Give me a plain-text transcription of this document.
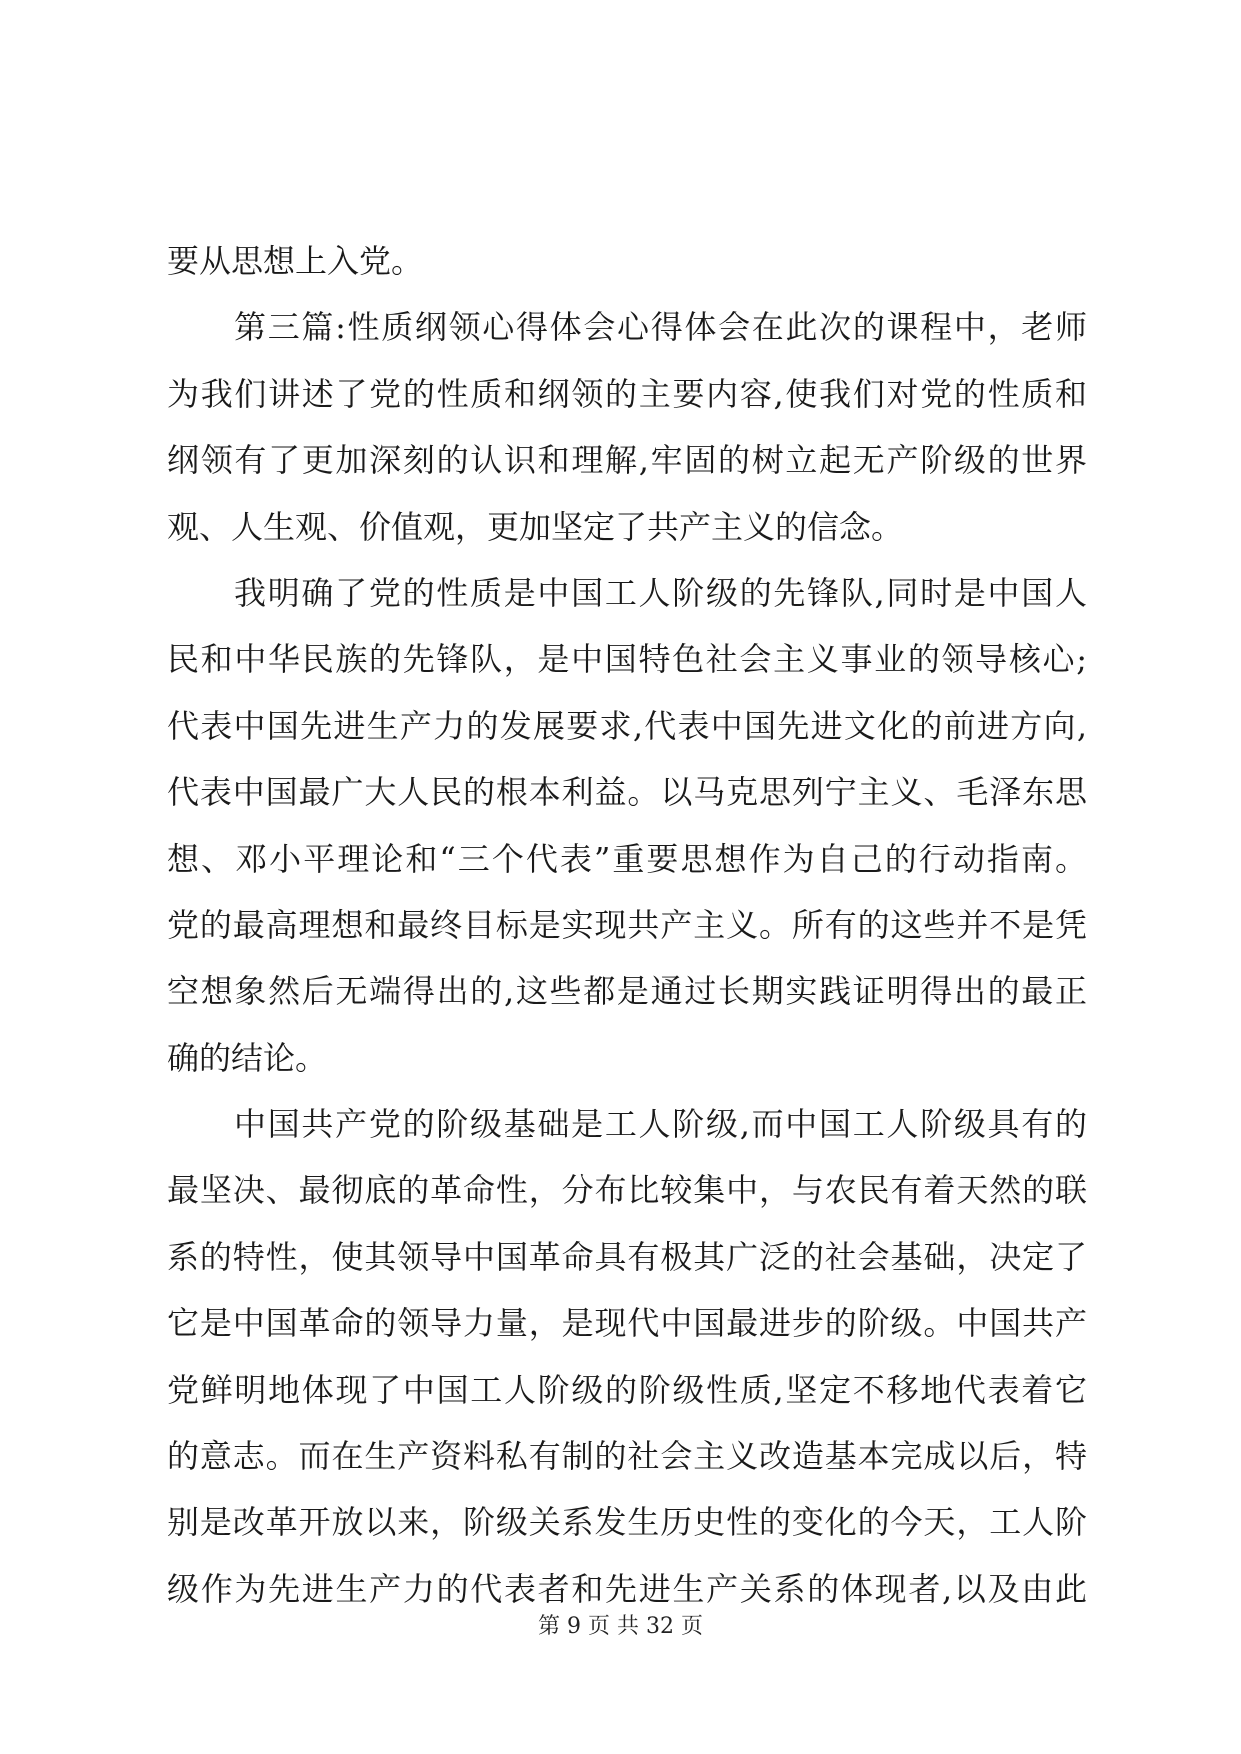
要从思想上入党。
第三篇:性质纲领心得体会心得体会在此次的课程中，老师
为我们讲述了党的性质和纲领的主要内容,使我们对党的性质和
纲领有了更加深刻的认识和理解,牢固的树立起无产阶级的世界
观、人生观、价值观，更加坚定了共产主义的信念。
我明确了党的性质是中国工人阶级的先锋队,同时是中国人
民和中华民族的先锋队，是中国特色社会主义事业的领导核心;
代表中国先进生产力的发展要求,代表中国先进文化的前进方向,
代表中国最广大人民的根本利益。以马克思列宁主义、毛泽东思
想、邓小平理论和“三个代表”重要思想作为自己的行动指南。
党的最高理想和最终目标是实现共产主义。所有的这些并不是凭
空想象然后无端得出的,这些都是通过长期实践证明得出的最正
确的结论。
中国共产党的阶级基础是工人阶级,而中国工人阶级具有的
最坚决、最彻底的革命性，分布比较集中，与农民有着天然的联
系的特性，使其领导中国革命具有极其广泛的社会基础，决定了
它是中国革命的领导力量，是现代中国最进步的阶级。中国共产
党鲜明地体现了中国工人阶级的阶级性质,坚定不移地代表着它
的意志。而在生产资料私有制的社会主义改造基本完成以后，特
别是改革开放以来，阶级关系发生历史性的变化的今天，工人阶
级作为先进生产力的代表者和先进生产关系的体现者,以及由此
第 9 页 共 32 页
